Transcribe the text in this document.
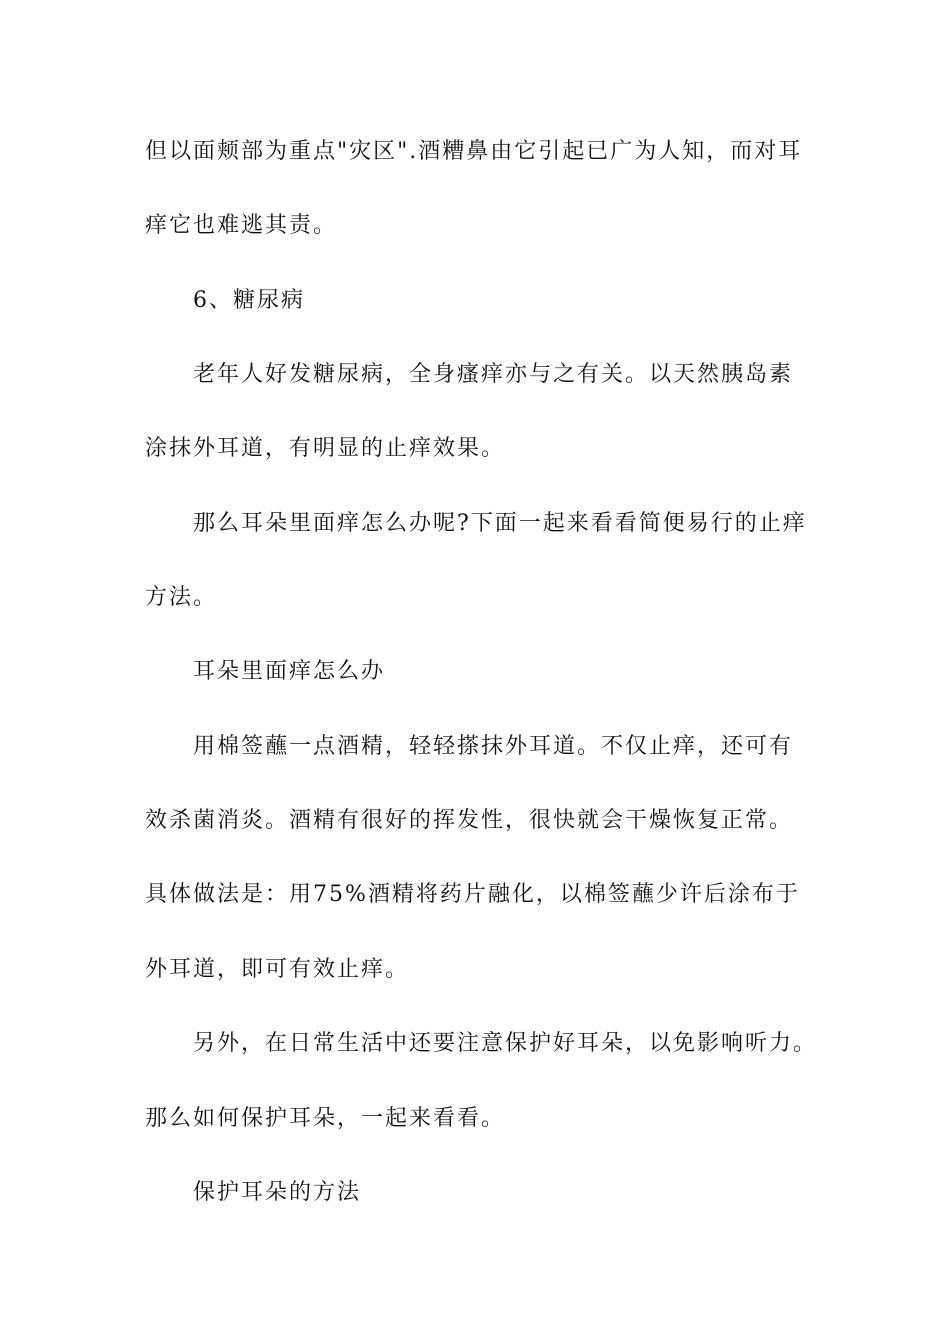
但以面颊部为重点"灾区".酒糟鼻由它引起已广为人知，而对耳
痒它也难逃其责。
6、糖尿病
老年人好发糖尿病，全身瘙痒亦与之有关。以天然胰岛素
涂抹外耳道，有明显的止痒效果。
那么耳朵里面痒怎么办呢?下面一起来看看简便易行的止痒
方法。
耳朵里面痒怎么办
用棉签蘸一点酒精，轻轻搽抹外耳道。不仅止痒，还可有
效杀菌消炎。酒精有很好的挥发性，很快就会干燥恢复正常。
具体做法是：用75%酒精将药片融化，以棉签蘸少许后涂布于
外耳道，即可有效止痒。
另外，在日常生活中还要注意保护好耳朵，以免影响听力。
那么如何保护耳朵，一起来看看。
保护耳朵的方法
